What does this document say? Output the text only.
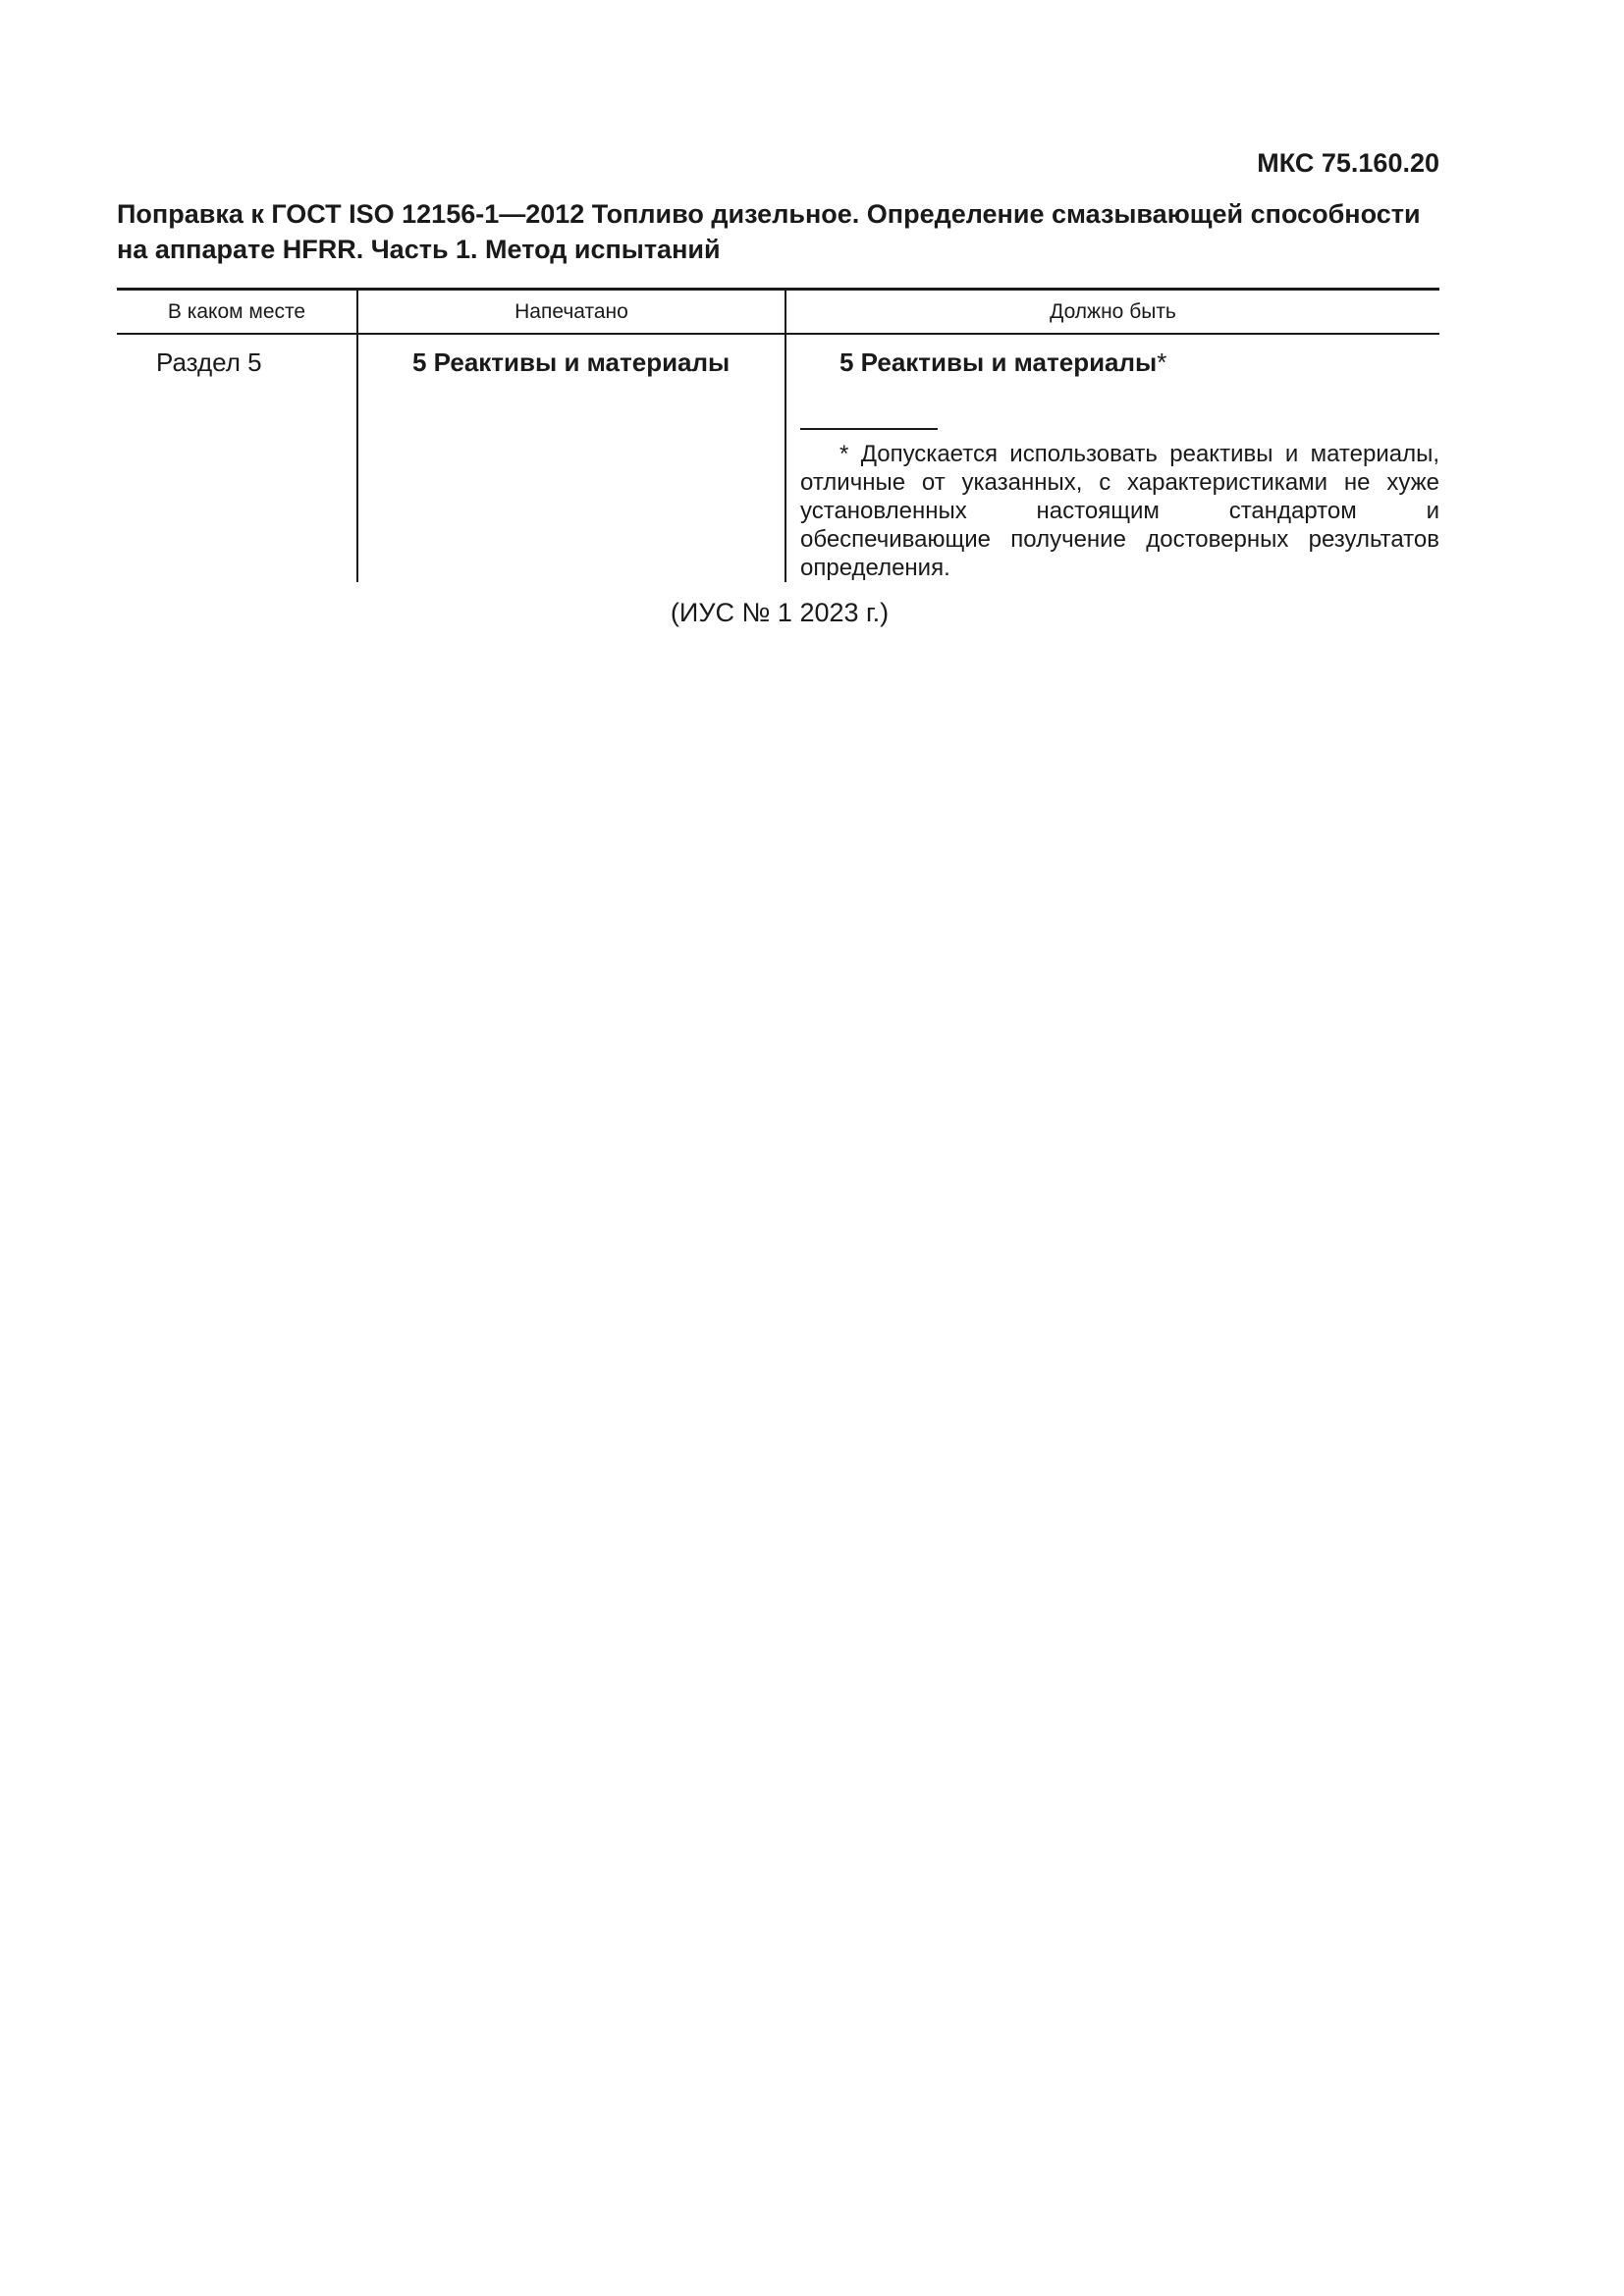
МКС 75.160.20

Поправка к ГОСТ ISO 12156-1—2012 Топливо дизельное. Определение смазывающей способности на аппарате HFRR. Часть 1. Метод испытаний

В каком месте	Напечатано	Должно быть
Раздел 5	5 Реактивы и материалы	5 Реактивы и материалы*

* Допускается использовать реактивы и материалы, отличные от указанных, с характеристиками не хуже установленных настоящим стандартом и обеспечивающие получение достоверных результатов определения.

(ИУС № 1 2023 г.)
